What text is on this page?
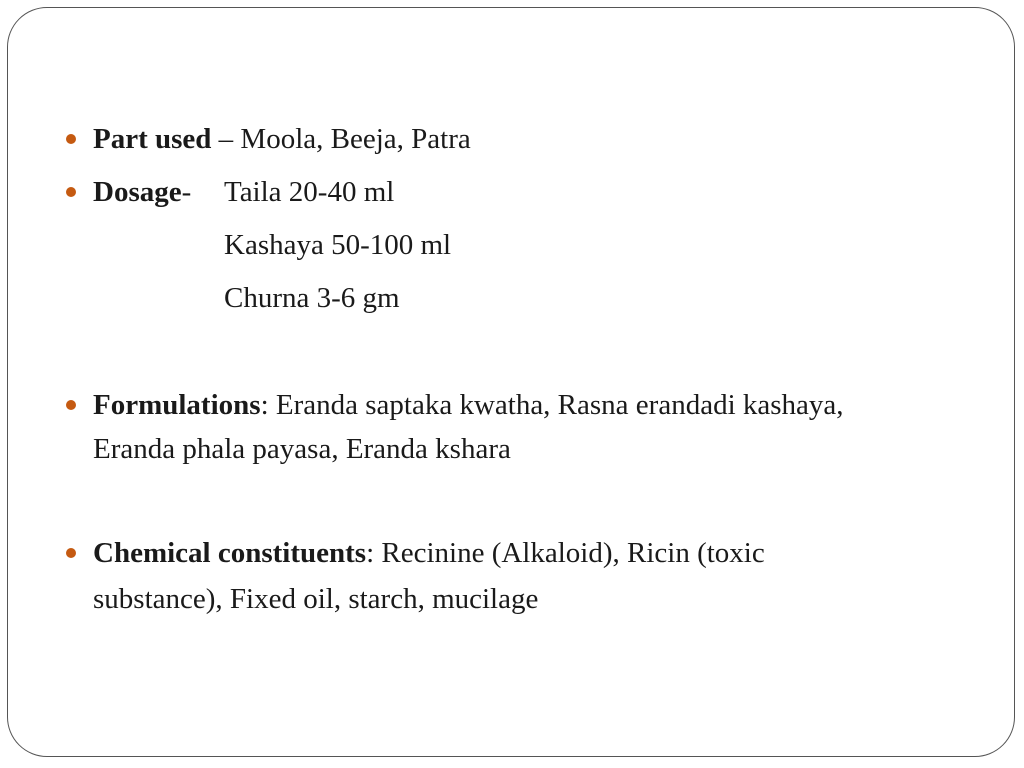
Part used – Moola, Beeja, Patra
Dosage- Taila 20-40 ml
Kashaya 50-100 ml
Churna 3-6 gm
Formulations: Eranda saptaka kwatha, Rasna erandadi kashaya,
Eranda phala payasa, Eranda kshara
Chemical constituents: Recinine (Alkaloid), Ricin (toxic
substance), Fixed oil, starch, mucilage
